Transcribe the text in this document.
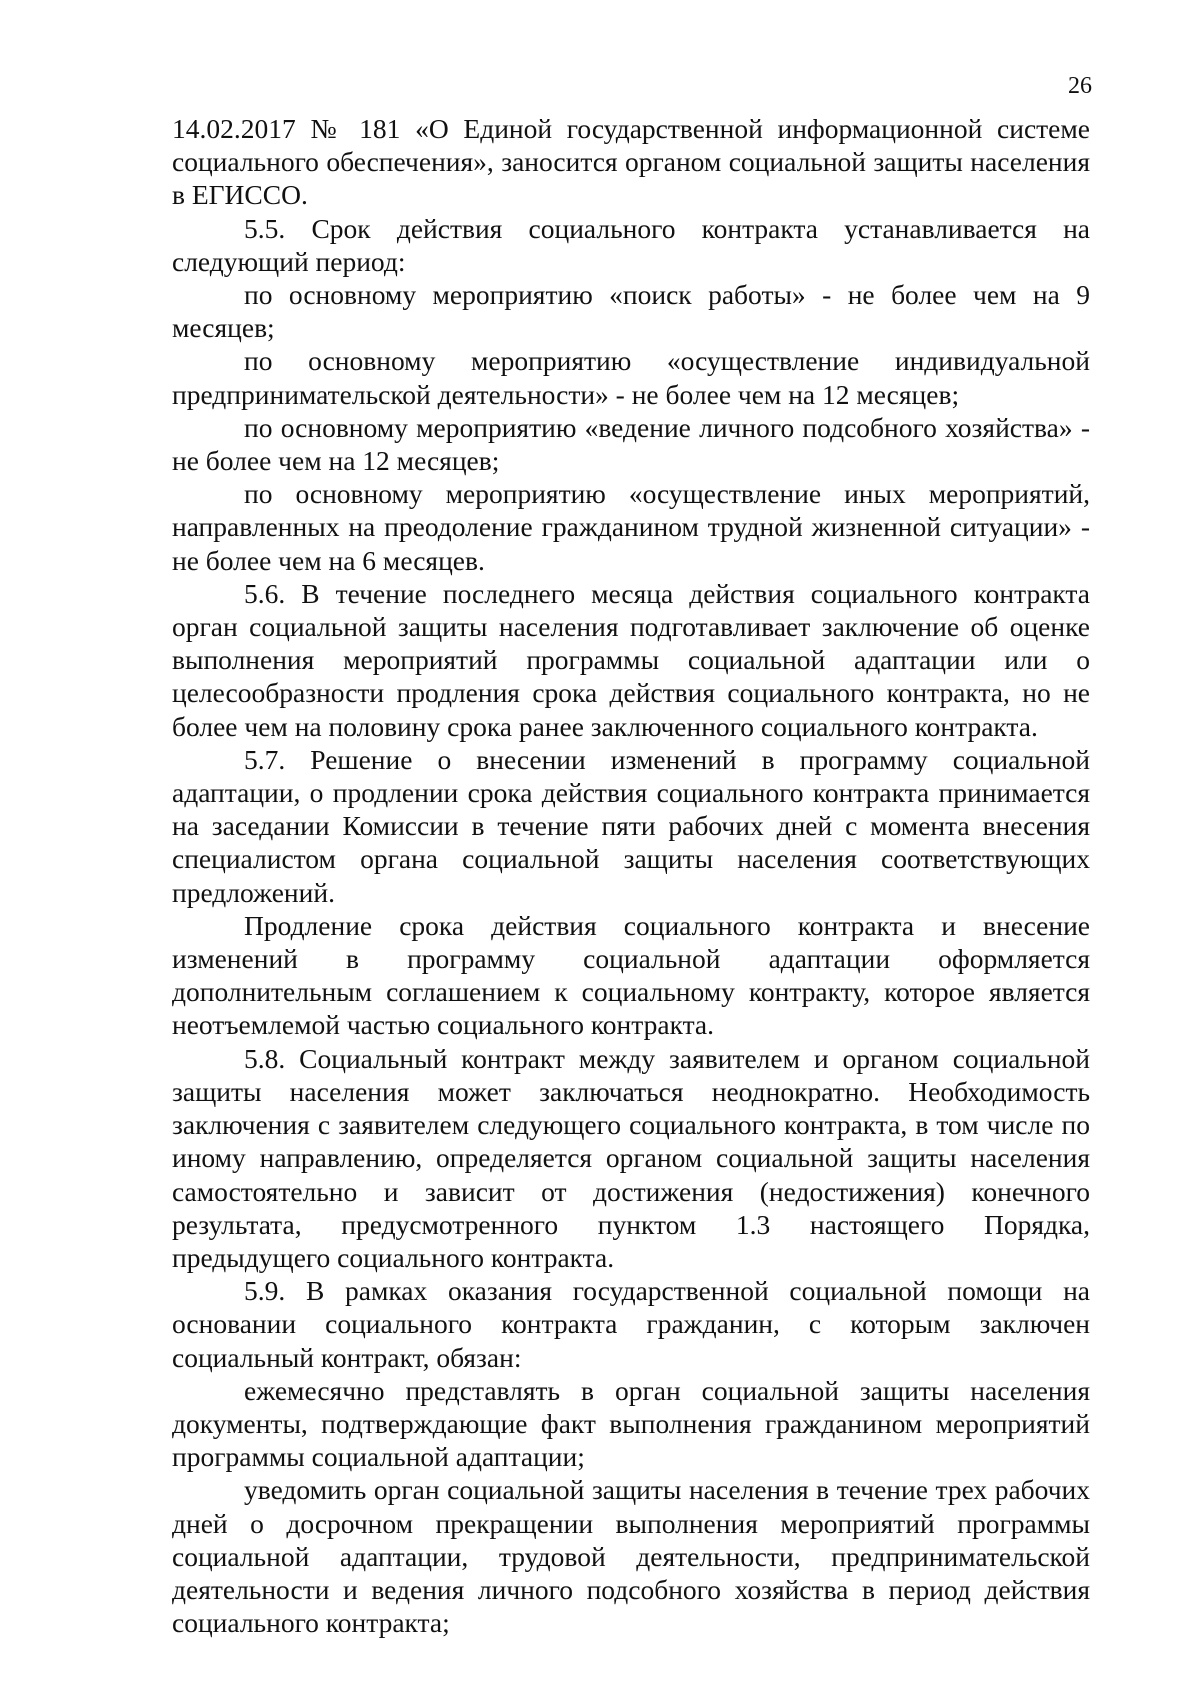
26

14.02.2017 № 181 «О Единой государственной информационной системе социального обеспечения», заносится органом социальной защиты населения в ЕГИССО.

5.5. Срок действия социального контракта устанавливается на следующий период:

по основному мероприятию «поиск работы» - не более чем на 9 месяцев;

по основному мероприятию «осуществление индивидуальной предпринимательской деятельности» - не более чем на 12 месяцев;

по основному мероприятию «ведение личного подсобного хозяйства» - не более чем на 12 месяцев;

по основному мероприятию «осуществление иных мероприятий, направленных на преодоление гражданином трудной жизненной ситуации» - не более чем на 6 месяцев.

5.6. В течение последнего месяца действия социального контракта орган социальной защиты населения подготавливает заключение об оценке выполнения мероприятий программы социальной адаптации или о целесообразности продления срока действия социального контракта, но не более чем на половину срока ранее заключенного социального контракта.

5.7. Решение о внесении изменений в программу социальной адаптации, о продлении срока действия социального контракта принимается на заседании Комиссии в течение пяти рабочих дней с момента внесения специалистом органа социальной защиты населения соответствующих предложений.

Продление срока действия социального контракта и внесение изменений в программу социальной адаптации оформляется дополнительным соглашением к социальному контракту, которое является неотъемлемой частью социального контракта.

5.8. Социальный контракт между заявителем и органом социальной защиты населения может заключаться неоднократно. Необходимость заключения с заявителем следующего социального контракта, в том числе по иному направлению, определяется органом социальной защиты населения самостоятельно и зависит от достижения (недостижения) конечного результата, предусмотренного пунктом 1.3 настоящего Порядка, предыдущего социального контракта.

5.9. В рамках оказания государственной социальной помощи на основании социального контракта гражданин, с которым заключен социальный контракт, обязан:

ежемесячно представлять в орган социальной защиты населения документы, подтверждающие факт выполнения гражданином мероприятий программы социальной адаптации;

уведомить орган социальной защиты населения в течение трех рабочих дней о досрочном прекращении выполнения мероприятий программы социальной адаптации, трудовой деятельности, предпринимательской деятельности и ведения личного подсобного хозяйства в период действия социального контракта;
